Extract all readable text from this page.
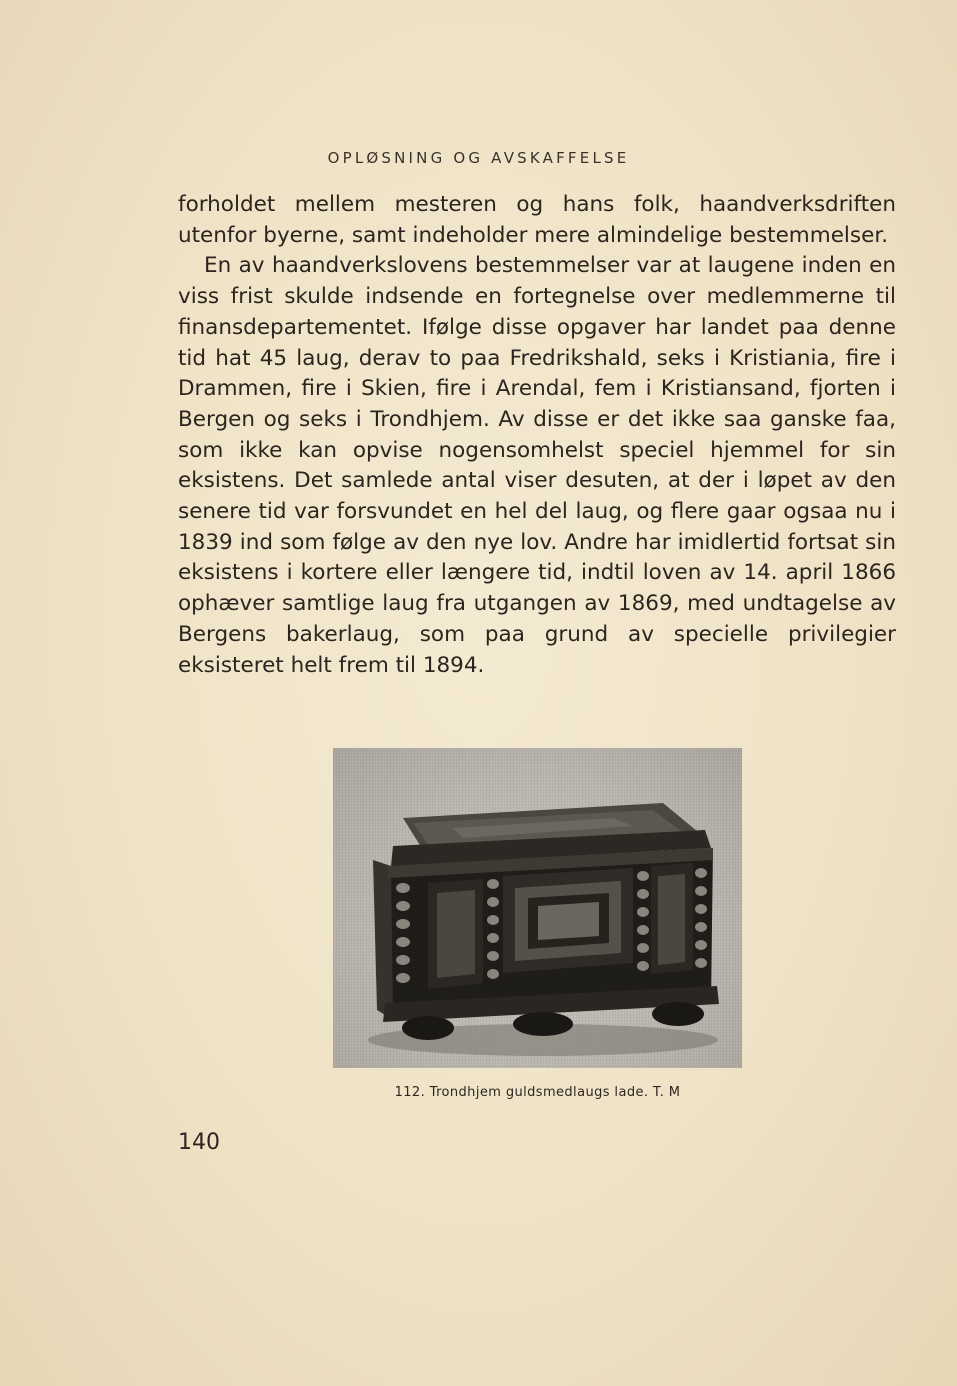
OPLØSNING OG AVSKAFFELSE

forholdet mellem mesteren og hans folk, haandverksdriften utenfor byerne, samt indeholder mere almindelige bestemmelser.

En av haandverkslovens bestemmelser var at laugene inden en viss frist skulde indsende en fortegnelse over medlemmerne til finansdepartementet. Ifølge disse opgaver har landet paa denne tid hat 45 laug, derav to paa Fredrikshald, seks i Kristiania, fire i Drammen, fire i Skien, fire i Arendal, fem i Kristiansand, fjorten i Bergen og seks i Trondhjem. Av disse er det ikke saa ganske faa, som ikke kan opvise nogensomhelst speciel hjemmel for sin eksistens. Det samlede antal viser desuten, at der i løpet av den senere tid var forsvundet en hel del laug, og flere gaar ogsaa nu i 1839 ind som følge av den nye lov. Andre har imidlertid fortsat sin eksistens i kortere eller længere tid, indtil loven av 14. april 1866 ophæver samtlige laug fra utgangen av 1869, med undtagelse av Bergens bakerlaug, som paa grund av specielle privilegier eksisteret helt frem til 1894.

112. Trondhjem guldsmedlaugs lade. T. M
140
